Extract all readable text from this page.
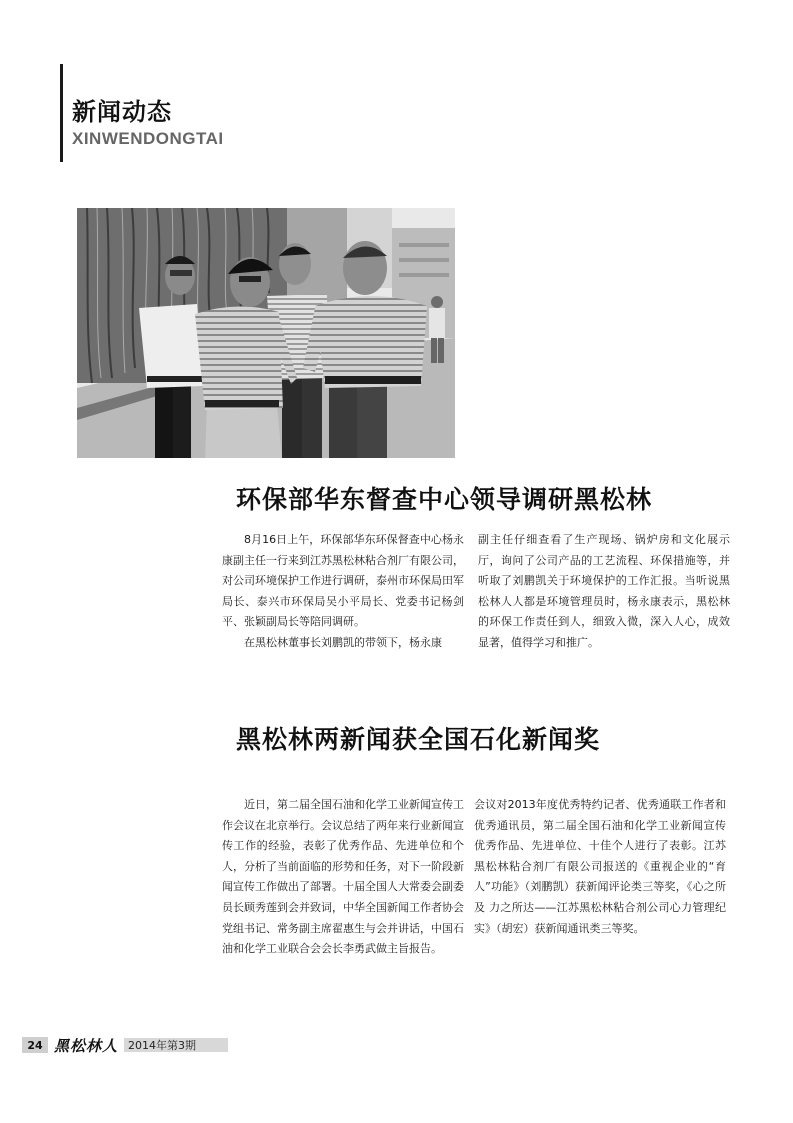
新闻动态
XINWENDONGTAI
环保部华东督查中心领导调研黑松林

8月16日上午，环保部华东环保督查中心杨永康副主任一行来到江苏黑松林粘合剂厂有限公司，对公司环境保护工作进行调研，泰州市环保局田军局长、泰兴市环保局吴小平局长、党委书记杨剑平、张颖副局长等陪同调研。

在黑松林董事长刘鹏凯的带领下，杨永康

副主任仔细查看了生产现场、锅炉房和文化展示厅，询问了公司产品的工艺流程、环保措施等，并听取了刘鹏凯关于环境保护的工作汇报。当听说黑松林人人都是环境管理员时，杨永康表示，黑松林的环保工作责任到人，细致入微，深入人心，成效显著，值得学习和推广。

黑松林两新闻获全国石化新闻奖

近日，第二届全国石油和化学工业新闻宣传工作会议在北京举行。会议总结了两年来行业新闻宣传工作的经验，表彰了优秀作品、先进单位和个人，分析了当前面临的形势和任务，对下一阶段新闻宣传工作做出了部署。十届全国人大常委会副委员长顾秀莲到会并致词，中华全国新闻工作者协会党组书记、常务副主席翟惠生与会并讲话，中国石油和化学工业联合会会长李勇武做主旨报告。

会议对2013年度优秀特约记者、优秀通联工作者和优秀通讯员，第二届全国石油和化学工业新闻宣传优秀作品、先进单位、十佳个人进行了表彰。江苏黑松林粘合剂厂有限公司报送的《重视企业的“育人”功能》（刘鹏凯）获新闻评论类三等奖，《心之所及 力之所达——江苏黑松林粘合剂公司心力管理纪实》（胡宏）获新闻通讯类三等奖。

24 黑松林人 2014年第3期
